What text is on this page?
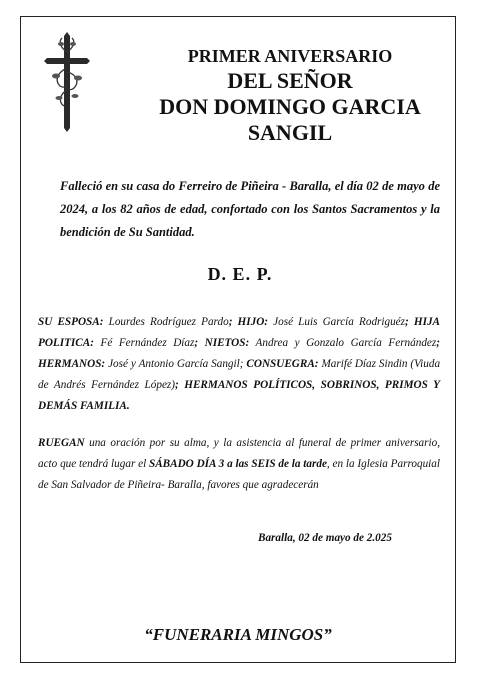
PRIMER ANIVERSARIO

DEL SEÑOR

DON DOMINGO GARCIA

SANGIL

Falleció en su casa do Ferreiro de Piñeira - Baralla, el día 02 de mayo de 2024, a los 82 años de edad, confortado con los Santos Sacramentos y la bendición de Su Santidad.

D. E. P.

SU ESPOSA: Lourdes Rodríguez Pardo; HIJO: José Luis García Rodriguéz; HIJA POLITICA: Fé Fernández Díaz; NIETOS: Andrea y Gonzalo García Fernández; HERMANOS: José y Antonio García Sangil; CONSUEGRA: Marifé Díaz Sindin (Viuda de Andrés Fernández López); HERMANOS POLÍTICOS, SOBRINOS, PRIMOS Y DEMÁS FAMILIA.

RUEGAN una oración por su alma, y la asistencia al funeral de primer aniversario, acto que tendrá lugar el SÁBADO DÍA 3 a las SEIS de la tarde, en la Iglesia Parroquial de San Salvador de Piñeira- Baralla, favores que agradecerán

Baralla, 02 de mayo de 2.025
“FUNERARIA MINGOS”
